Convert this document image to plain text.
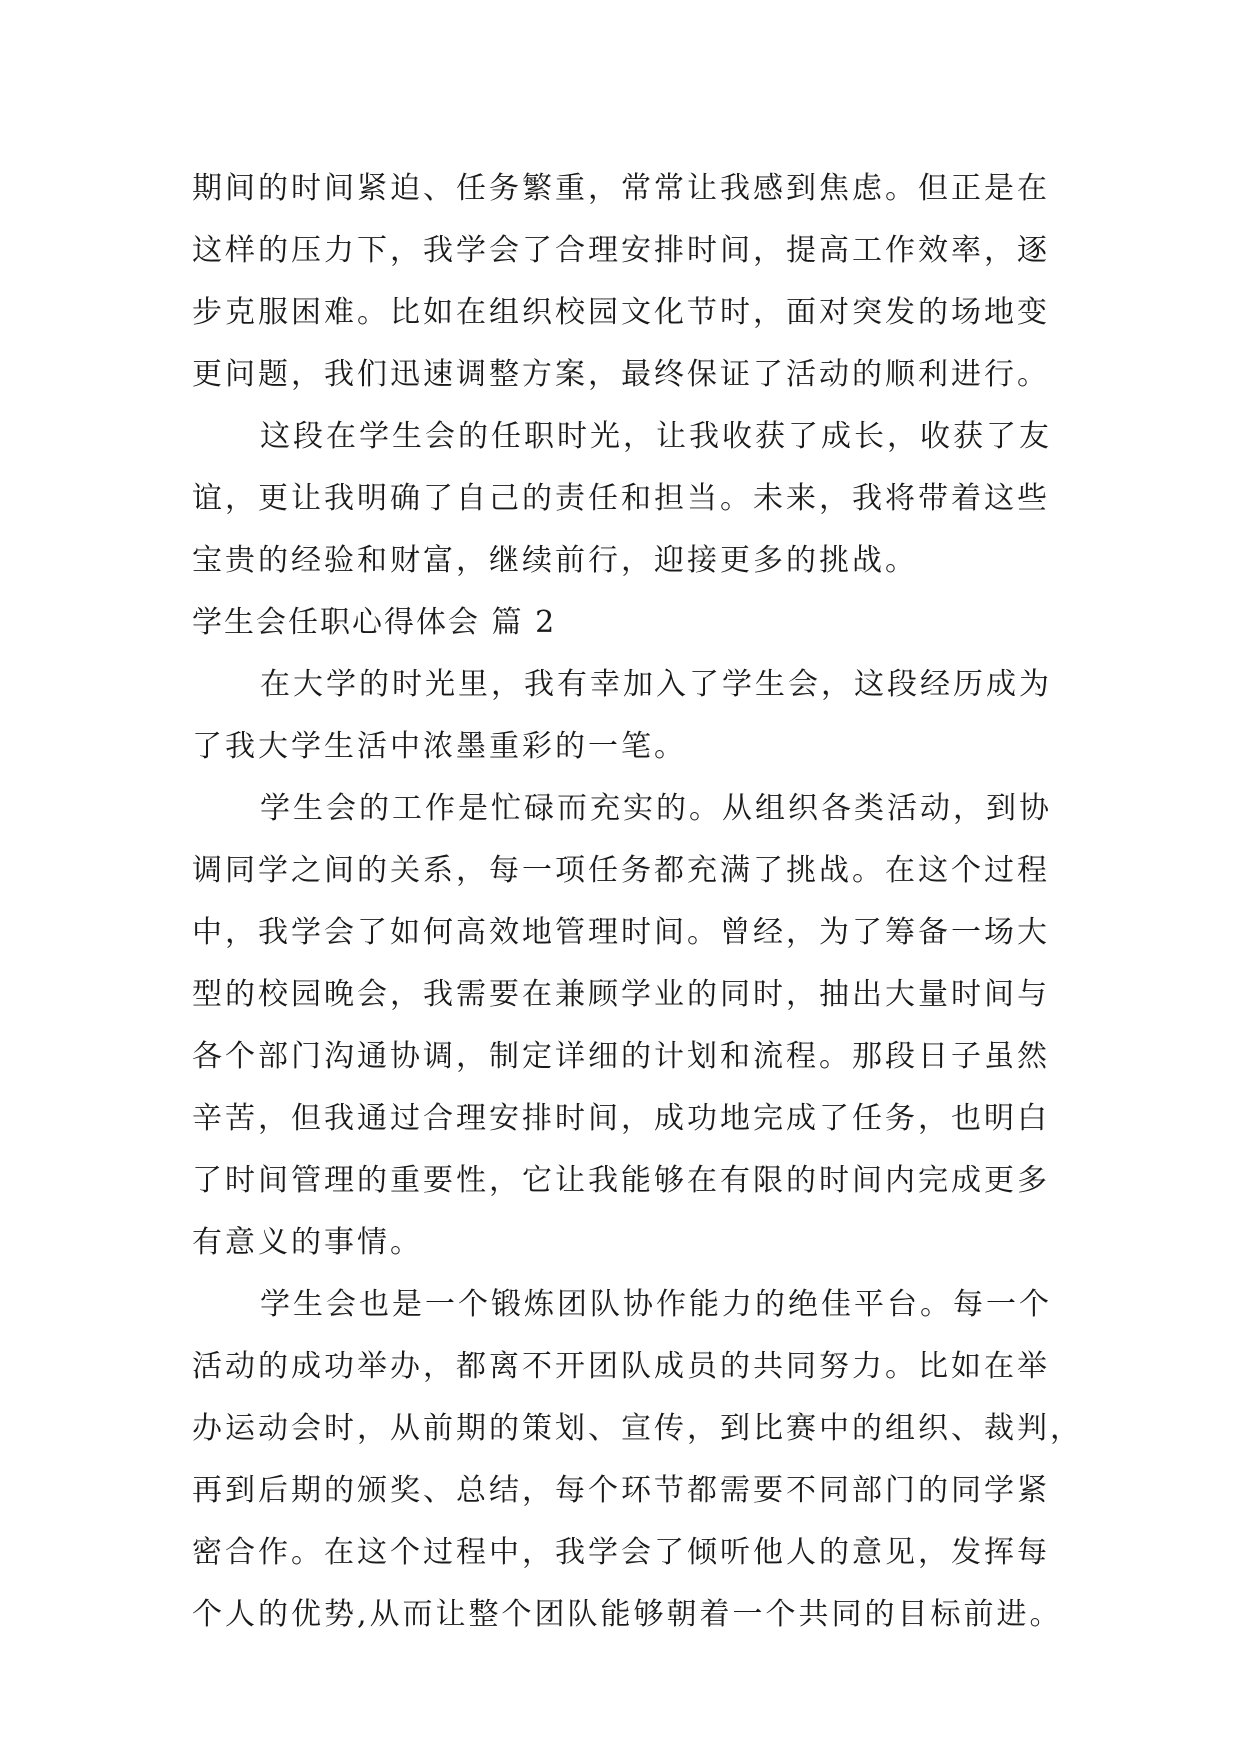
期间的时间紧迫、任务繁重，常常让我感到焦虑。但正是在
这样的压力下，我学会了合理安排时间，提高工作效率，逐
步克服困难。比如在组织校园文化节时，面对突发的场地变
更问题，我们迅速调整方案，最终保证了活动的顺利进行。
这段在学生会的任职时光，让我收获了成长，收获了友
谊，更让我明确了自己的责任和担当。未来，我将带着这些
宝贵的经验和财富，继续前行，迎接更多的挑战。
学生会任职心得体会 篇 2
在大学的时光里，我有幸加入了学生会，这段经历成为
了我大学生活中浓墨重彩的一笔。
学生会的工作是忙碌而充实的。从组织各类活动，到协
调同学之间的关系，每一项任务都充满了挑战。在这个过程
中，我学会了如何高效地管理时间。曾经，为了筹备一场大
型的校园晚会，我需要在兼顾学业的同时，抽出大量时间与
各个部门沟通协调，制定详细的计划和流程。那段日子虽然
辛苦，但我通过合理安排时间，成功地完成了任务，也明白
了时间管理的重要性，它让我能够在有限的时间内完成更多
有意义的事情。
学生会也是一个锻炼团队协作能力的绝佳平台。每一个
活动的成功举办，都离不开团队成员的共同努力。比如在举
办运动会时，从前期的策划、宣传，到比赛中的组织、裁判，
再到后期的颁奖、总结，每个环节都需要不同部门的同学紧
密合作。在这个过程中，我学会了倾听他人的意见，发挥每
个人的优势,从而让整个团队能够朝着一个共同的目标前进。
